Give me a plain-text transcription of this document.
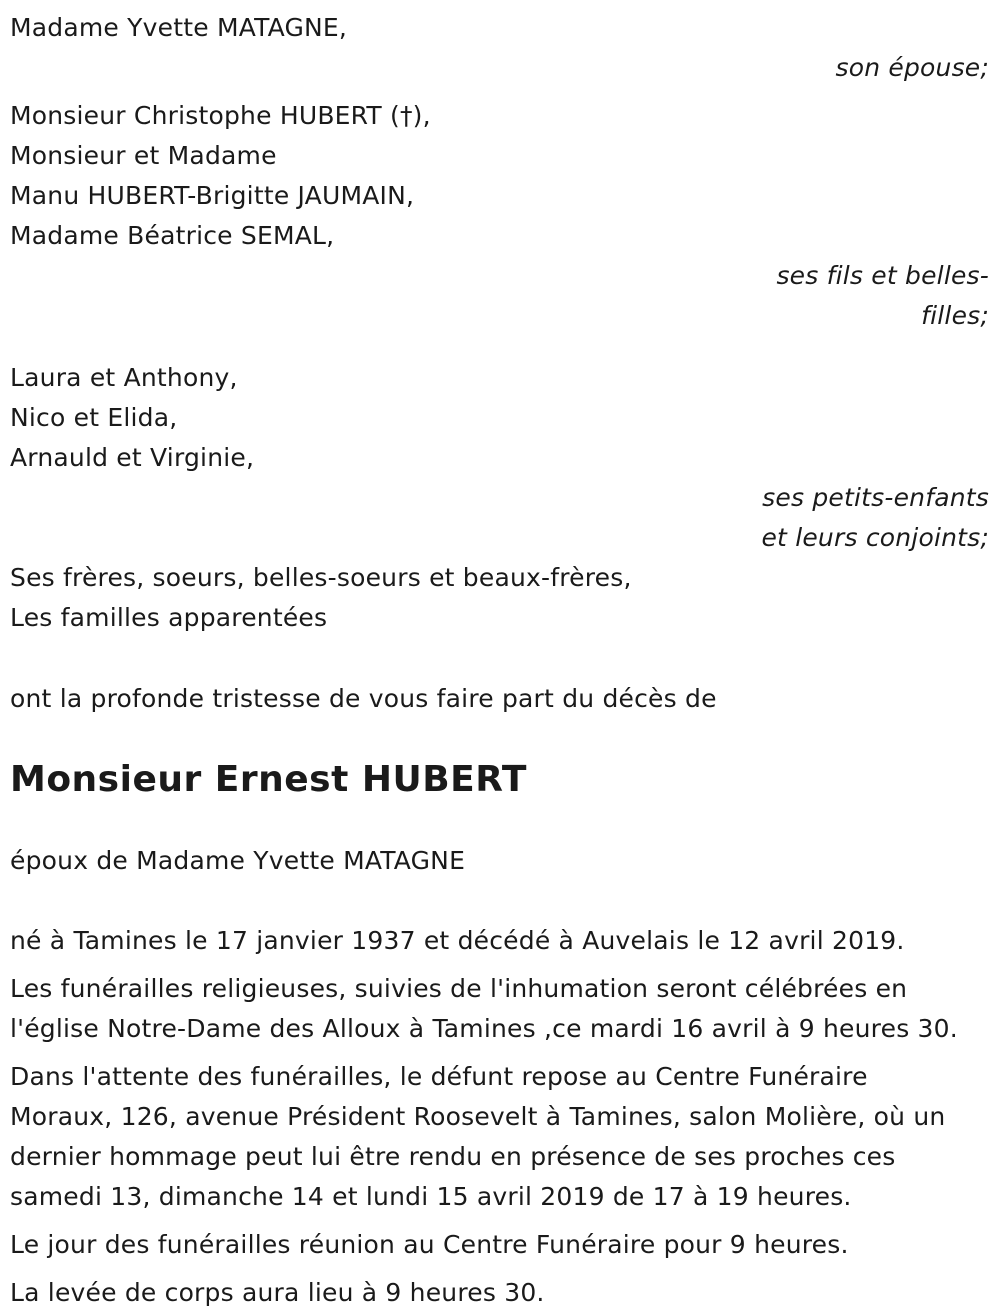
Madame Yvette MATAGNE,
son épouse;
Monsieur Christophe HUBERT (†),
Monsieur et Madame
Manu HUBERT-Brigitte JAUMAIN,
Madame Béatrice SEMAL,
ses fils et belles-
filles;
Laura et Anthony,
Nico et Elida,
Arnauld et Virginie,
ses petits-enfants
et leurs conjoints;
Ses frères, soeurs, belles-soeurs et beaux-frères,
Les familles apparentées
ont la profonde tristesse de vous faire part du décès de
Monsieur Ernest HUBERT
époux de Madame Yvette MATAGNE
né à Tamines le 17 janvier 1937 et décédé à Auvelais le 12 avril 2019.
Les funérailles religieuses, suivies de l'inhumation seront célébrées en
l'église Notre-Dame des Alloux à Tamines ,ce mardi 16 avril à 9 heures 30.
Dans l'attente des funérailles, le défunt repose au Centre Funéraire
Moraux, 126, avenue Président Roosevelt à Tamines, salon Molière, où un
dernier hommage peut lui être rendu en présence de ses proches ces
samedi 13, dimanche 14 et lundi 15 avril 2019 de 17 à 19 heures.
Le jour des funérailles réunion au Centre Funéraire pour 9 heures.
La levée de corps aura lieu à 9 heures 30.
